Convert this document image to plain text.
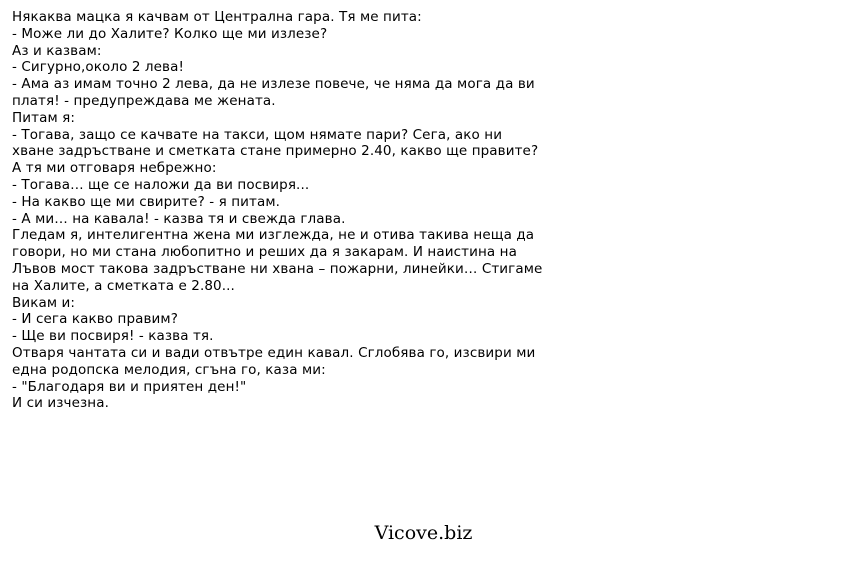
Някаква мацка я качвам от Централна гара. Тя ме пита:
- Може ли до Халите? Колко ще ми излезе?
Аз и казвам:
- Сигурно,около 2 лева!
- Ама аз имам точно 2 лева, да не излезе повече, че няма да мога да ви
платя! - предупреждава ме жената.
Питам я:
- Тогава, защо се качвате на такси, щом нямате пари? Сега, ако ни
хване задръстване и сметката стане примерно 2.40, какво ще правите?
А тя ми отговаря небрежно:
- Тогава… ще се наложи да ви посвиря...
- На какво ще ми свирите? - я питам.
- А ми… на кавала! - казва тя и свежда глава.
Гледам я, интелигентна жена ми изглежда, не и отива такива неща да
говори, но ми стана любопитно и реших да я закарам. И наистина на
Лъвов мост такова задръстване ни хвана – пожарни, линейки… Стигаме
на Халите, а сметката е 2.80...
Викам и:
- И сега какво правим?
- Ще ви посвиря! - казва тя.
Отваря чантата си и вади отвътре един кавал. Сглобява го, изсвири ми
една родопска мелодия, сгъна го, каза ми:
- "Благодаря ви и приятен ден!"
И си изчезна.
Vicove.biz
